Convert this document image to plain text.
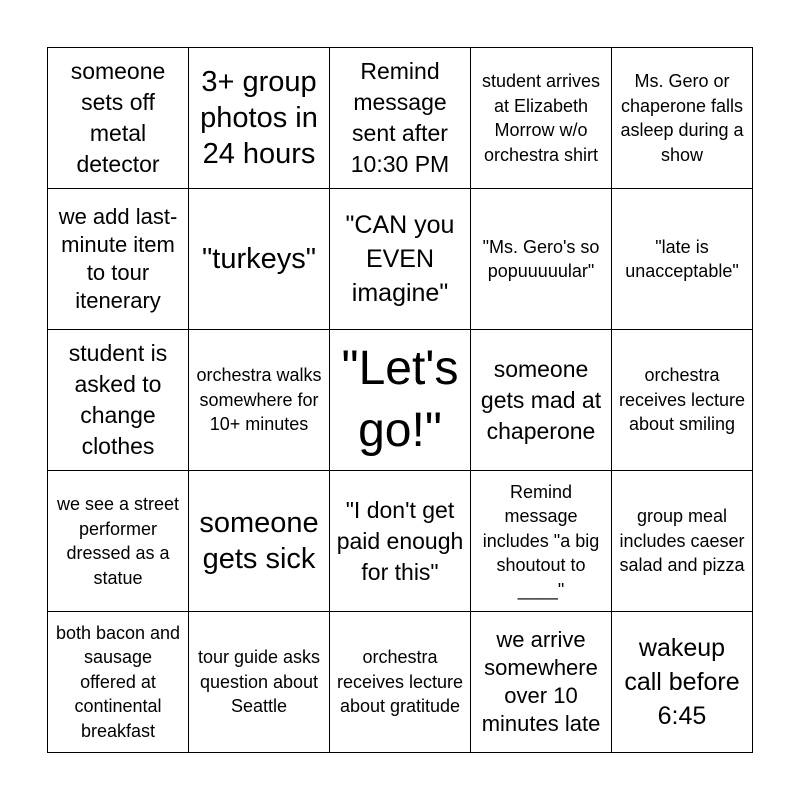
someone sets off metal detector
3+ group photos in 24 hours
Remind message sent after 10:30 PM
student arrives at Elizabeth Morrow w/o orchestra shirt
Ms. Gero or chaperone falls asleep during a show
we add last-minute item to tour itenerary
"turkeys"
"CAN you EVEN imagine"
"Ms. Gero's so popuuuuular"
"late is unacceptable"
student is asked to change clothes
orchestra walks somewhere for 10+ minutes
"Let's go!"
someone gets mad at chaperone
orchestra receives lecture about smiling
we see a street performer dressed as a statue
someone gets sick
"I don't get paid enough for this"
Remind message includes "a big shoutout to ____"
group meal includes caeser salad and pizza
both bacon and sausage offered at continental breakfast
tour guide asks question about Seattle
orchestra receives lecture about gratitude
we arrive somewhere over 10 minutes late
wakeup call before 6:45
